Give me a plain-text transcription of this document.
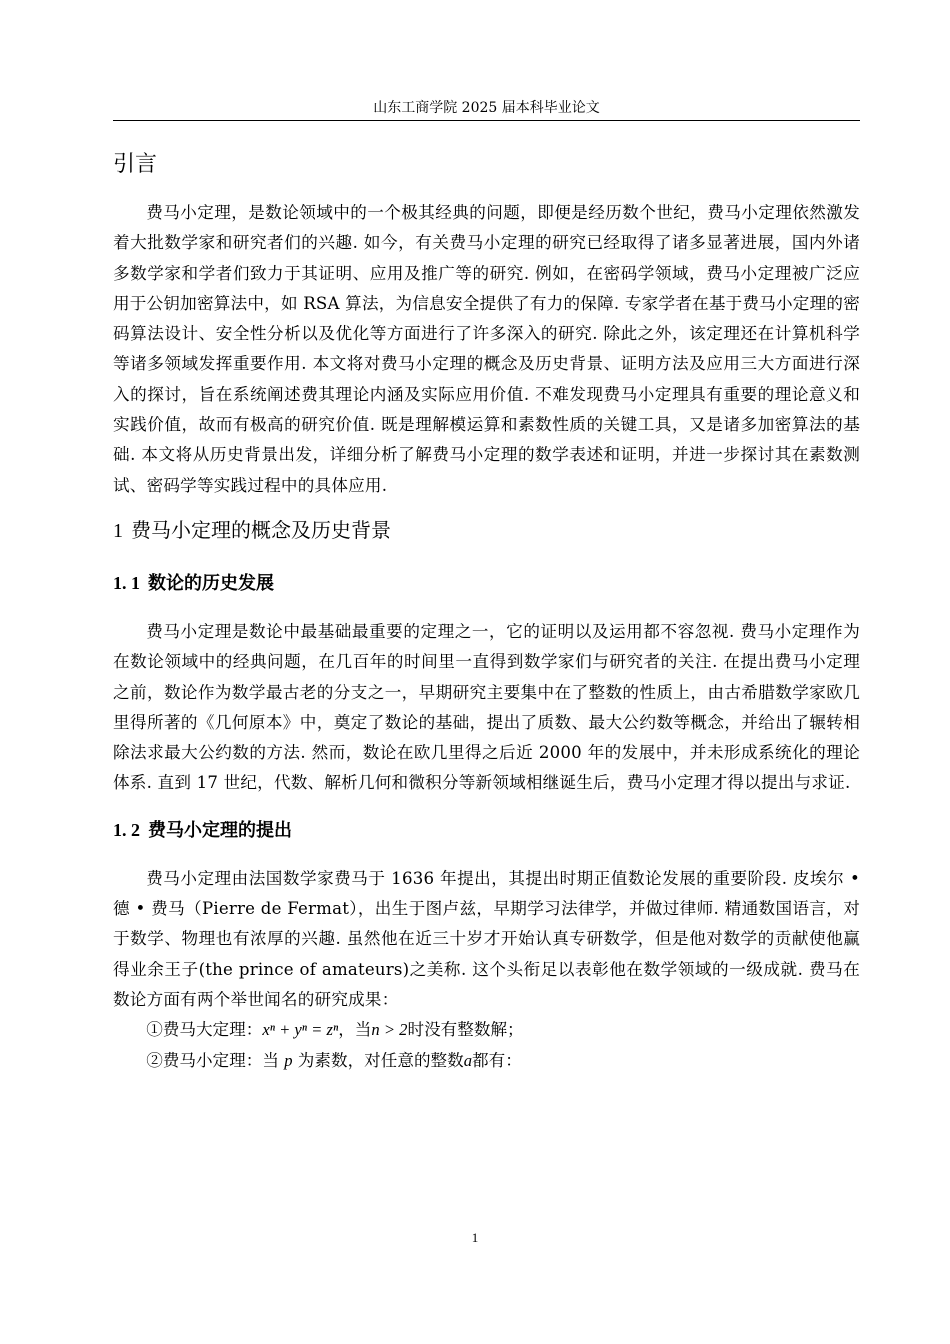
山东工商学院 2025 届本科毕业论文
引言

费马小定理，是数论领域中的一个极其经典的问题，即便是经历数个世纪，费马小定理依然激发着大批数学家和研究者们的兴趣. 如今，有关费马小定理的研究已经取得了诸多显著进展，国内外诸多数学家和学者们致力于其证明、应用及推广等的研究. 例如，在密码学领域，费马小定理被广泛应用于公钥加密算法中，如 RSA 算法，为信息安全提供了有力的保障. 专家学者在基于费马小定理的密码算法设计、安全性分析以及优化等方面进行了许多深入的研究. 除此之外，该定理还在计算机科学等诸多领域发挥重要作用. 本文将对费马小定理的概念及历史背景、证明方法及应用三大方面进行深入的探讨，旨在系统阐述费其理论内涵及实际应用价值. 不难发现费马小定理具有重要的理论意义和实践价值，故而有极高的研究价值. 既是理解模运算和素数性质的关键工具，又是诸多加密算法的基础. 本文将从历史背景出发，详细分析了解费马小定理的数学表述和证明，并进一步探讨其在素数测试、密码学等实践过程中的具体应用.

1 费马小定理的概念及历史背景
1. 1 数论的历史发展

费马小定理是数论中最基础最重要的定理之一，它的证明以及运用都不容忽视. 费马小定理作为在数论领域中的经典问题，在几百年的时间里一直得到数学家们与研究者的关注. 在提出费马小定理之前，数论作为数学最古老的分支之一，早期研究主要集中在了整数的性质上，由古希腊数学家欧几里得所著的《几何原本》中，奠定了数论的基础，提出了质数、最大公约数等概念，并给出了辗转相除法求最大公约数的方法. 然而，数论在欧几里得之后近 2000 年的发展中，并未形成系统化的理论体系. 直到 17 世纪，代数、解析几何和微积分等新领域相继诞生后，费马小定理才得以提出与求证.

1. 2 费马小定理的提出

费马小定理由法国数学家费马于 1636 年提出，其提出时期正值数论发展的重要阶段. 皮埃尔 • 德 • 费马（Pierre de Fermat），出生于图卢兹，早期学习法律学，并做过律师. 精通数国语言，对于数学、物理也有浓厚的兴趣. 虽然他在近三十岁才开始认真专研数学，但是他对数学的贡献使他赢得业余王子(the prince of amateurs)之美称. 这个头衔足以表彰他在数学领域的一级成就. 费马在数论方面有两个举世闻名的研究成果：

①费马大定理：xⁿ + yⁿ = zⁿ，当n > 2时没有整数解；

②费马小定理：当 p 为素数，对任意的整数a都有：

1
